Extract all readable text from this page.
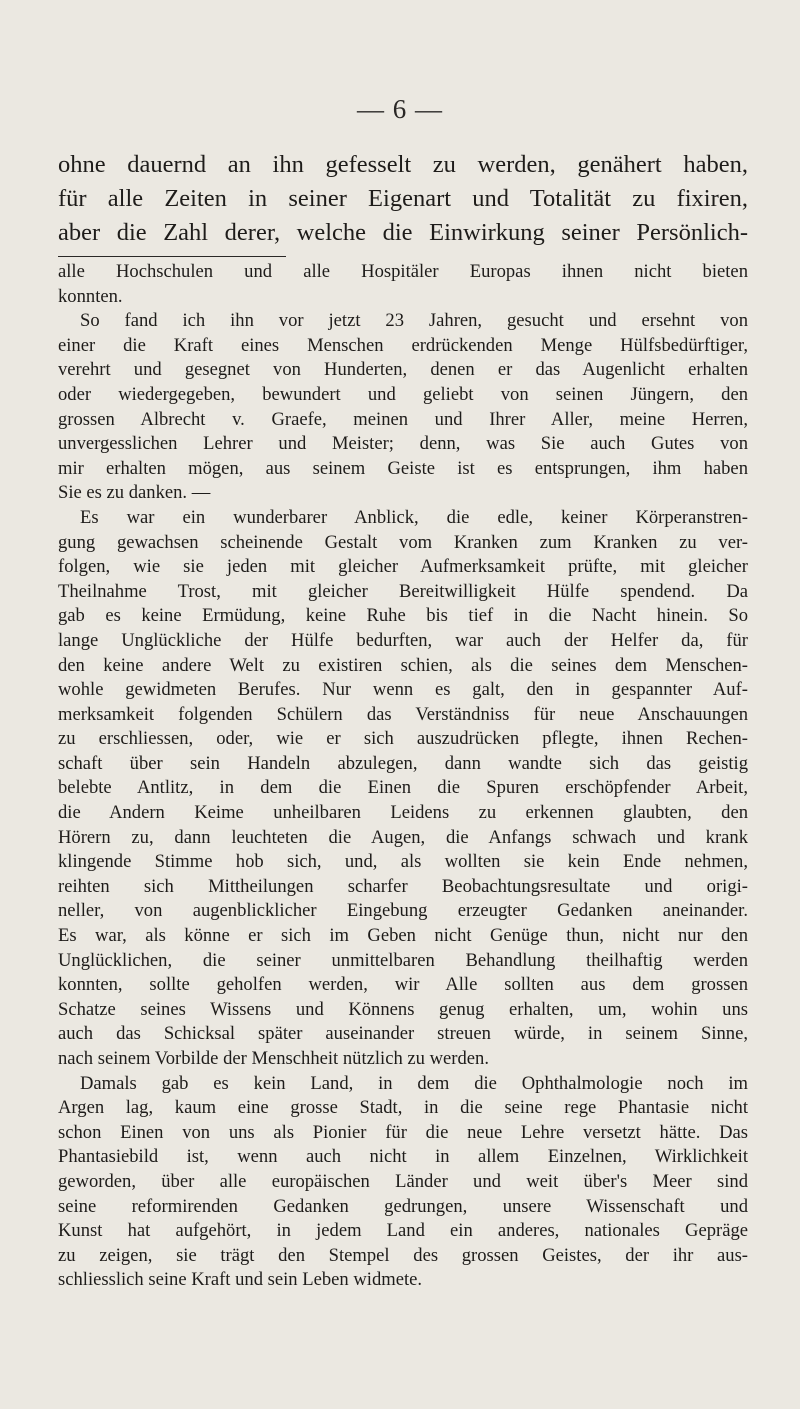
— 6 —
ohne dauernd an ihn gefesselt zu werden, genähert haben,
für alle Zeiten in seiner Eigenart und Totalität zu fixiren,
aber die Zahl derer, welche die Einwirkung seiner Persönlich-
alle Hochschulen und alle Hospitäler Europas ihnen nicht bieten
konnten.
So fand ich ihn vor jetzt 23 Jahren, gesucht und ersehnt von
einer die Kraft eines Menschen erdrückenden Menge Hülfsbedürftiger,
verehrt und gesegnet von Hunderten, denen er das Augenlicht erhalten
oder wiedergegeben, bewundert und geliebt von seinen Jüngern, den
grossen Albrecht v. Graefe, meinen und Ihrer Aller, meine Herren,
unvergesslichen Lehrer und Meister; denn, was Sie auch Gutes von
mir erhalten mögen, aus seinem Geiste ist es entsprungen, ihm haben
Sie es zu danken. —
Es war ein wunderbarer Anblick, die edle, keiner Körperanstren-
gung gewachsen scheinende Gestalt vom Kranken zum Kranken zu ver-
folgen, wie sie jeden mit gleicher Aufmerksamkeit prüfte, mit gleicher
Theilnahme Trost, mit gleicher Bereitwilligkeit Hülfe spendend. Da
gab es keine Ermüdung, keine Ruhe bis tief in die Nacht hinein. So
lange Unglückliche der Hülfe bedurften, war auch der Helfer da, für
den keine andere Welt zu existiren schien, als die seines dem Menschen-
wohle gewidmeten Berufes. Nur wenn es galt, den in gespannter Auf-
merksamkeit folgenden Schülern das Verständniss für neue Anschauungen
zu erschliessen, oder, wie er sich auszudrücken pflegte, ihnen Rechen-
schaft über sein Handeln abzulegen, dann wandte sich das geistig
belebte Antlitz, in dem die Einen die Spuren erschöpfender Arbeit,
die Andern Keime unheilbaren Leidens zu erkennen glaubten, den
Hörern zu, dann leuchteten die Augen, die Anfangs schwach und krank
klingende Stimme hob sich, und, als wollten sie kein Ende nehmen,
reihten sich Mittheilungen scharfer Beobachtungsresultate und origi-
neller, von augenblicklicher Eingebung erzeugter Gedanken aneinander.
Es war, als könne er sich im Geben nicht Genüge thun, nicht nur den
Unglücklichen, die seiner unmittelbaren Behandlung theilhaftig werden
konnten, sollte geholfen werden, wir Alle sollten aus dem grossen
Schatze seines Wissens und Könnens genug erhalten, um, wohin uns
auch das Schicksal später auseinander streuen würde, in seinem Sinne,
nach seinem Vorbilde der Menschheit nützlich zu werden.
Damals gab es kein Land, in dem die Ophthalmologie noch im
Argen lag, kaum eine grosse Stadt, in die seine rege Phantasie nicht
schon Einen von uns als Pionier für die neue Lehre versetzt hätte. Das
Phantasiebild ist, wenn auch nicht in allem Einzelnen, Wirklichkeit
geworden, über alle europäischen Länder und weit über's Meer sind
seine reformirenden Gedanken gedrungen, unsere Wissenschaft und
Kunst hat aufgehört, in jedem Land ein anderes, nationales Gepräge
zu zeigen, sie trägt den Stempel des grossen Geistes, der ihr aus-
schliesslich seine Kraft und sein Leben widmete.
